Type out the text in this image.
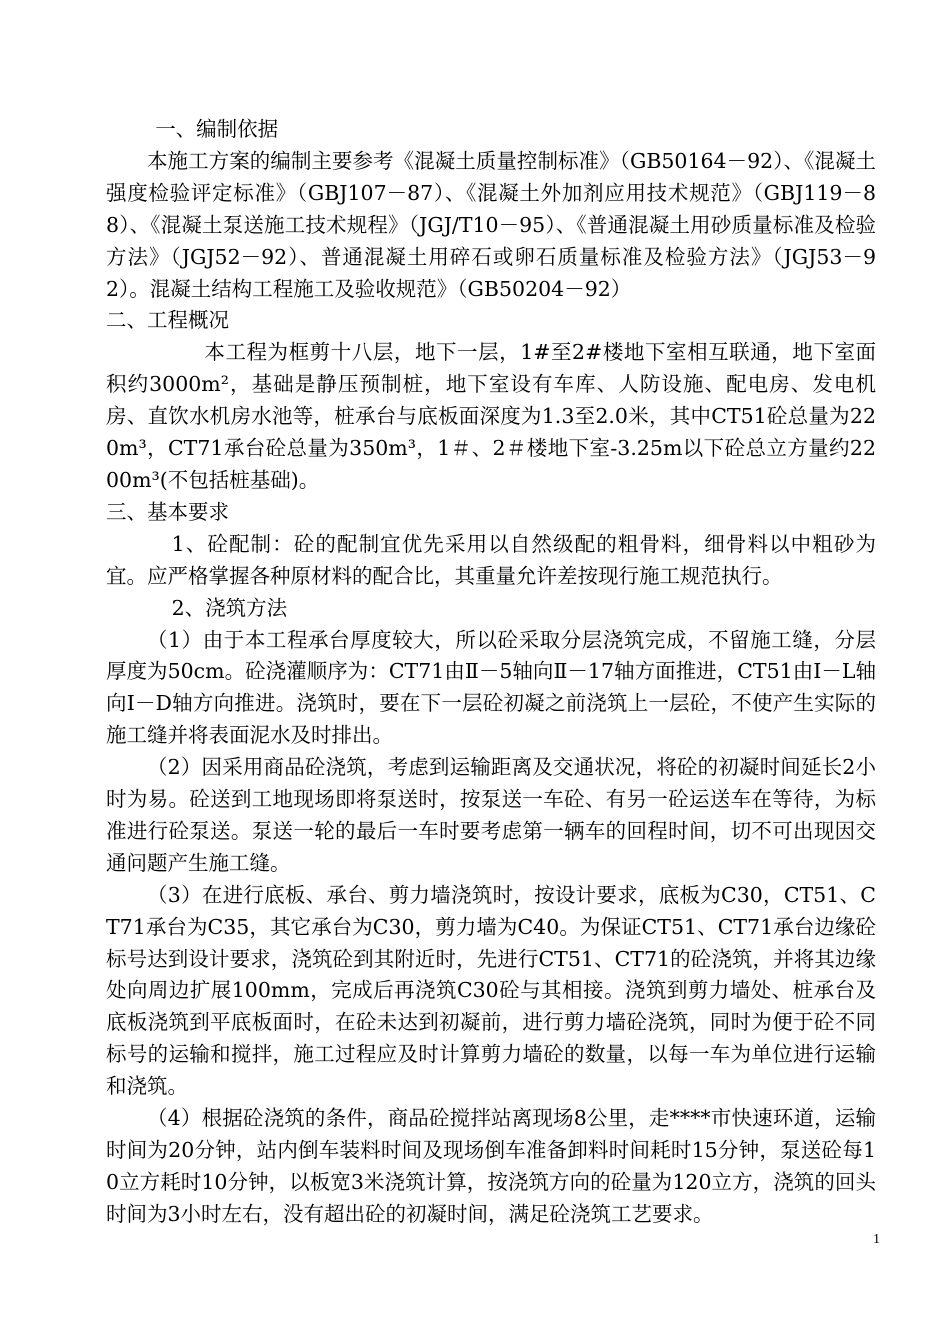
一、编制依据

本施工方案的编制主要参考《混凝土质量控制标准》（GB50164－92）、《混凝土强度检验评定标准》（GBJ107－87）、《混凝土外加剂应用技术规范》（GBJ119－88）、《混凝土泵送施工技术规程》（JGJ/T10－95）、《普通混凝土用砂质量标准及检验方法》（JGJ52－92）、普通混凝土用碎石或卵石质量标准及检验方法》（JGJ53－92）。混凝土结构工程施工及验收规范》（GB50204－92）

二、工程概况

本工程为框剪十八层，地下一层，1#至2#楼地下室相互联通，地下室面积约3000m²，基础是静压预制桩，地下室设有车库、人防设施、配电房、发电机房、直饮水机房水池等，桩承台与底板面深度为1.3至2.0米，其中CT51砼总量为220m³，CT71承台砼总量为350m³，1＃、2＃楼地下室-3.25m以下砼总立方量约2200m³(不包括桩基础)。

三、基本要求

1、砼配制：砼的配制宜优先采用以自然级配的粗骨料，细骨料以中粗砂为宜。应严格掌握各种原材料的配合比，其重量允许差按现行施工规范执行。

2、浇筑方法

（1）由于本工程承台厚度较大，所以砼采取分层浇筑完成，不留施工缝，分层厚度为50cm。砼浇灌顺序为：CT71由Ⅱ－5轴向Ⅱ－17轴方面推进，CT51由Ⅰ－L轴向Ⅰ－D轴方向推进。浇筑时，要在下一层砼初凝之前浇筑上一层砼，不使产生实际的施工缝并将表面泥水及时排出。

（2）因采用商品砼浇筑，考虑到运输距离及交通状况，将砼的初凝时间延长2小时为易。砼送到工地现场即将泵送时，按泵送一车砼、有另一砼运送车在等待，为标准进行砼泵送。泵送一轮的最后一车时要考虑第一辆车的回程时间，切不可出现因交通问题产生施工缝。

（3）在进行底板、承台、剪力墙浇筑时，按设计要求，底板为C30，CT51、CT71承台为C35，其它承台为C30，剪力墙为C40。为保证CT51、CT71承台边缘砼标号达到设计要求，浇筑砼到其附近时，先进行CT51、CT71的砼浇筑，并将其边缘处向周边扩展100mm，完成后再浇筑C30砼与其相接。浇筑到剪力墙处、桩承台及底板浇筑到平底板面时，在砼未达到初凝前，进行剪力墙砼浇筑，同时为便于砼不同标号的运输和搅拌，施工过程应及时计算剪力墙砼的数量，以每一车为单位进行运输和浇筑。

（4）根据砼浇筑的条件，商品砼搅拌站离现场8公里，走****市快速环道，运输时间为20分钟，站内倒车装料时间及现场倒车准备卸料时间耗时15分钟，泵送砼每10立方耗时10分钟，以板宽3米浇筑计算，按浇筑方向的砼量为120立方，浇筑的回头时间为3小时左右，没有超出砼的初凝时间，满足砼浇筑工艺要求。

1
